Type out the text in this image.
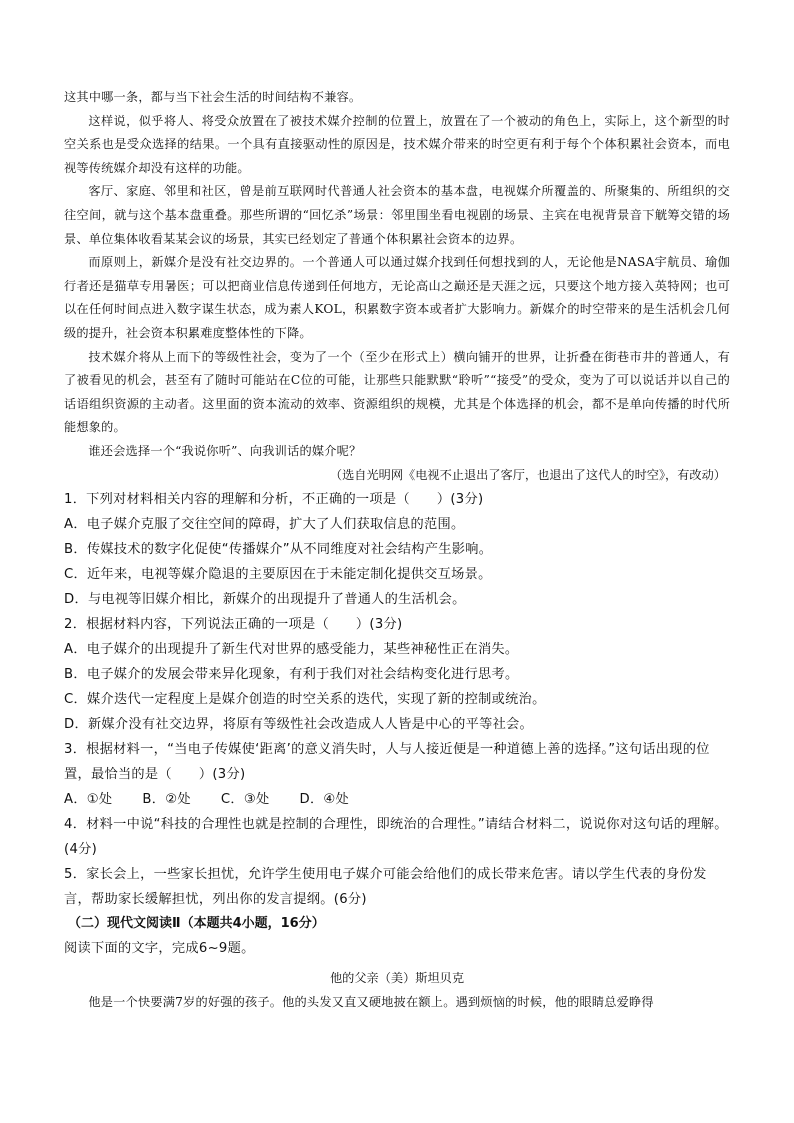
这其中哪一条，都与当下社会生活的时间结构不兼容。

这样说，似乎将人、将受众放置在了被技术媒介控制的位置上，放置在了一个被动的角色上，实际上，这个新型的时空关系也是受众选择的结果。一个具有直接驱动性的原因是，技术媒介带来的时空更有利于每个个体积累社会资本，而电视等传统媒介却没有这样的功能。

客厅、家庭、邻里和社区，曾是前互联网时代普通人社会资本的基本盘，电视媒介所覆盖的、所聚集的、所组织的交往空间，就与这个基本盘重叠。那些所谓的“回忆杀”场景：邻里围坐看电视剧的场景、主宾在电视背景音下觥筹交错的场景、单位集体收看某某会议的场景，其实已经划定了普通个体积累社会资本的边界。

而原则上，新媒介是没有社交边界的。一个普通人可以通过媒介找到任何想找到的人，无论他是NASA宇航员、瑜伽行者还是猫草专用暑医；可以把商业信息传递到任何地方，无论高山之巅还是天涯之远，只要这个地方接入英特网；也可以在任何时间点进入数字谋生状态，成为素人KOL，积累数字资本或者扩大影响力。新媒介的时空带来的是生活机会几何级的提升，社会资本积累难度整体性的下降。

技术媒介将从上而下的等级性社会，变为了一个（至少在形式上）横向铺开的世界，让折叠在街巷市井的普通人，有了被看见的机会，甚至有了随时可能站在C位的可能，让那些只能默默“聆听”“接受”的受众，变为了可以说话并以自己的话语组织资源的主动者。这里面的资本流动的效率、资源组织的规模，尤其是个体选择的机会，都不是单向传播的时代所能想象的。

谁还会选择一个“我说你听”、向我训话的媒介呢？

（选自光明网《电视不止退出了客厅，也退出了这代人的时空》，有改动）

1．下列对材料相关内容的理解和分析，不正确的一项是（　　）(3分)

A．电子媒介克服了交往空间的障碍，扩大了人们获取信息的范围。

B．传媒技术的数字化促使“传播媒介”从不同维度对社会结构产生影响。

C．近年来，电视等媒介隐退的主要原因在于未能定制化提供交互场景。

D．与电视等旧媒介相比，新媒介的出现提升了普通人的生活机会。

2．根据材料内容，下列说法正确的一项是（　　）(3分)

A．电子媒介的出现提升了新生代对世界的感受能力，某些神秘性正在消失。

B．电子媒介的发展会带来异化现象，有利于我们对社会结构变化进行思考。

C．媒介迭代一定程度上是媒介创造的时空关系的迭代，实现了新的控制或统治。

D．新媒介没有社交边界，将原有等级性社会改造成人人皆是中心的平等社会。

3．根据材料一，“当电子传媒使‘距离’的意义消失时，人与人接近便是一种道德上善的选择。”这句话出现的位置，最恰当的是（　　）(3分)

A．①处 B．②处 C．③处 D．④处

4．材料一中说“科技的合理性也就是控制的合理性，即统治的合理性。”请结合材料二，说说你对这句话的理解。(4分)

5．家长会上，一些家长担忧，允许学生使用电子媒介可能会给他们的成长带来危害。请以学生代表的身份发言，帮助家长缓解担忧，列出你的发言提纲。(6分)

（二）现代文阅读Ⅱ（本题共4小题，16分）

阅读下面的文字，完成6~9题。

他的父亲（美）斯坦贝克

他是一个快要满7岁的好强的孩子。他的头发又直又硬地披在额上。遇到烦恼的时候，他的眼睛总爱睁得
